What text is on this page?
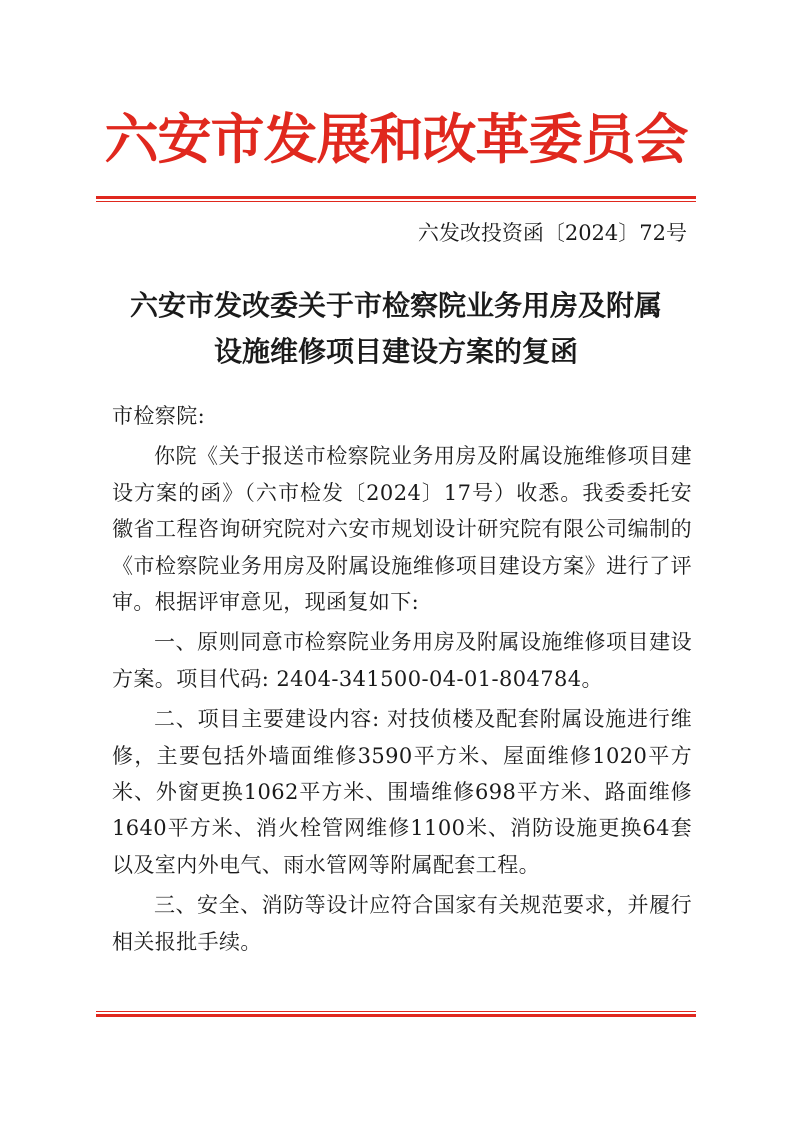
六安市发展和改革委员会
六发改投资函〔2024〕72号
六安市发改委关于市检察院业务用房及附属
设施维修项目建设方案的复函

市检察院:

你院《关于报送市检察院业务用房及附属设施维修项目建设方案的函》（六市检发〔2024〕17号）收悉。我委委托安徽省工程咨询研究院对六安市规划设计研究院有限公司编制的《市检察院业务用房及附属设施维修项目建设方案》进行了评审。根据评审意见，现函复如下:

一、原则同意市检察院业务用房及附属设施维修项目建设方案。项目代码: 2404-341500-04-01-804784。

二、项目主要建设内容: 对技侦楼及配套附属设施进行维修，主要包括外墙面维修3590平方米、屋面维修1020平方米、外窗更换1062平方米、围墙维修698平方米、路面维修1640平方米、消火栓管网维修1100米、消防设施更换64套以及室内外电气、雨水管网等附属配套工程。

三、安全、消防等设计应符合国家有关规范要求，并履行相关报批手续。
